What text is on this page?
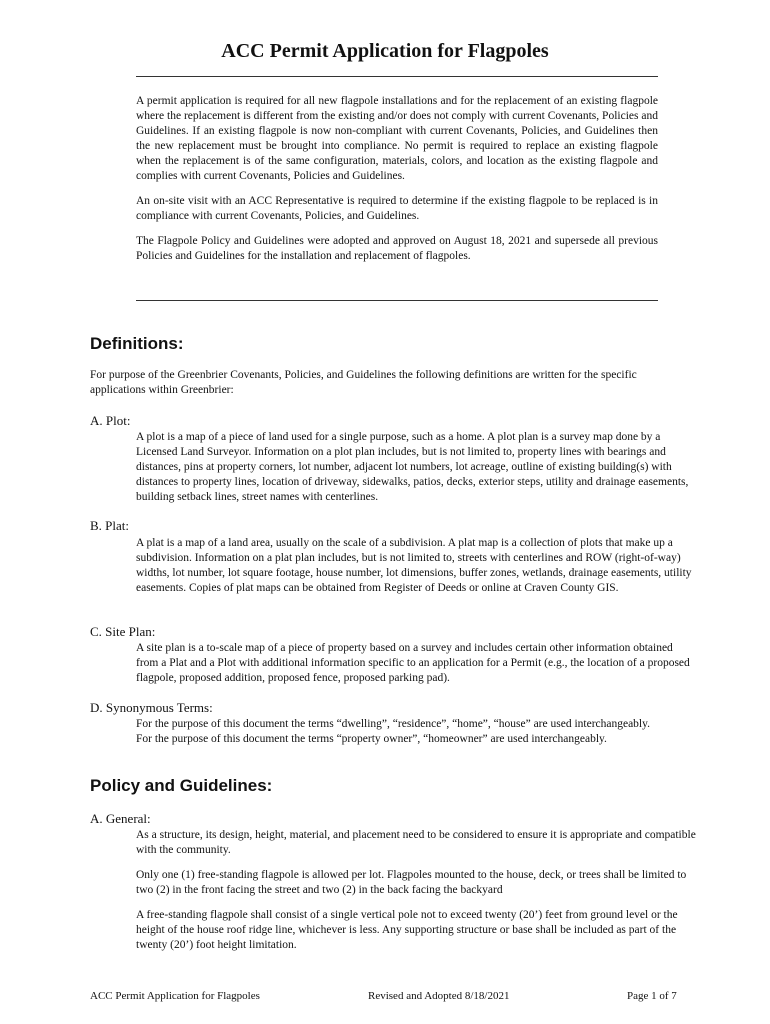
ACC Permit Application for Flagpoles

A permit application is required for all new flagpole installations and for the replacement of an existing flagpole where the replacement is different from the existing and/or does not comply with current Covenants, Policies and Guidelines. If an existing flagpole is now non-compliant with current Covenants, Policies, and Guidelines then the new replacement must be brought into compliance. No permit is required to replace an existing flagpole when the replacement is of the same configuration, materials, colors, and location as the existing flagpole and complies with current Covenants, Policies and Guidelines.

An on-site visit with an ACC Representative is required to determine if the existing flagpole to be replaced is in compliance with current Covenants, Policies, and Guidelines.

The Flagpole Policy and Guidelines were adopted and approved on August 18, 2021 and supersede all previous Policies and Guidelines for the installation and replacement of flagpoles.

Definitions:

For purpose of the Greenbrier Covenants, Policies, and Guidelines the following definitions are written for the specific applications within Greenbrier:

A. Plot:

A plot is a map of a piece of land used for a single purpose, such as a home. A plot plan is a survey map done by a Licensed Land Surveyor. Information on a plot plan includes, but is not limited to, property lines with bearings and distances, pins at property corners, lot number, adjacent lot numbers, lot acreage, outline of existing building(s) with distances to property lines, location of driveway, sidewalks, patios, decks, exterior steps, utility and drainage easements, building setback lines, street names with centerlines.

B. Plat:

A plat is a map of a land area, usually on the scale of a subdivision. A plat map is a collection of plots that make up a subdivision. Information on a plat plan includes, but is not limited to, streets with centerlines and ROW (right-of-way) widths, lot number, lot square footage, house number, lot dimensions, buffer zones, wetlands, drainage easements, utility easements. Copies of plat maps can be obtained from Register of Deeds or online at Craven County GIS.

C. Site Plan:

A site plan is a to-scale map of a piece of property based on a survey and includes certain other information obtained from a Plat and a Plot with additional information specific to an application for a Permit (e.g., the location of a proposed flagpole, proposed addition, proposed fence, proposed parking pad).

D. Synonymous Terms:

For the purpose of this document the terms “dwelling”, “residence”, “home”, “house” are used interchangeably.
For the purpose of this document the terms “property owner”, “homeowner” are used interchangeably.
Policy and Guidelines:

A. General:

As a structure, its design, height, material, and placement need to be considered to ensure it is appropriate and compatible with the community.

Only one (1) free-standing flagpole is allowed per lot. Flagpoles mounted to the house, deck, or trees shall be limited to two (2) in the front facing the street and two (2) in the back facing the backyard

A free-standing flagpole shall consist of a single vertical pole not to exceed twenty (20’) feet from ground level or the height of the house roof ridge line, whichever is less. Any supporting structure or base shall be included as part of the twenty (20’) foot height limitation.

ACC Permit Application for Flagpoles	Revised and Adopted 8/18/2021	Page 1 of 7
